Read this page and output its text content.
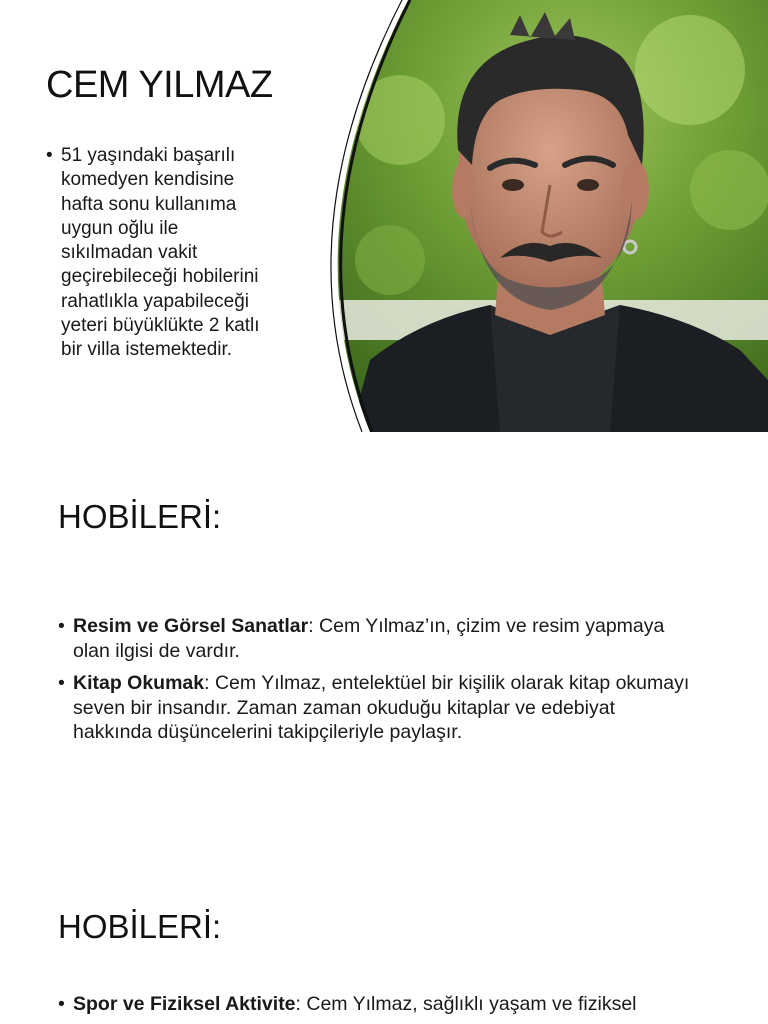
CEM YILMAZ
• 51 yaşındaki başarılı
komedyen kendisine
hafta sonu kullanıma
uygun oğlu ile
sıkılmadan vakit
geçirebileceği hobilerini
rahatlıkla yapabileceği
yeteri büyüklükte 2 katlı
bir villa istemektedir.
HOBİLERİ:
• Resim ve Görsel Sanatlar: Cem Yılmaz’ın, çizim ve resim yapmaya olan ilgisi de vardır.
• Kitap Okumak: Cem Yılmaz, entelektüel bir kişilik olarak kitap okumayı seven bir insandır. Zaman zaman okuduğu kitaplar ve edebiyat hakkında düşüncelerini takipçileriyle paylaşır.
HOBİLERİ:
• Spor ve Fiziksel Aktivite: Cem Yılmaz, sağlıklı yaşam ve fiziksel
